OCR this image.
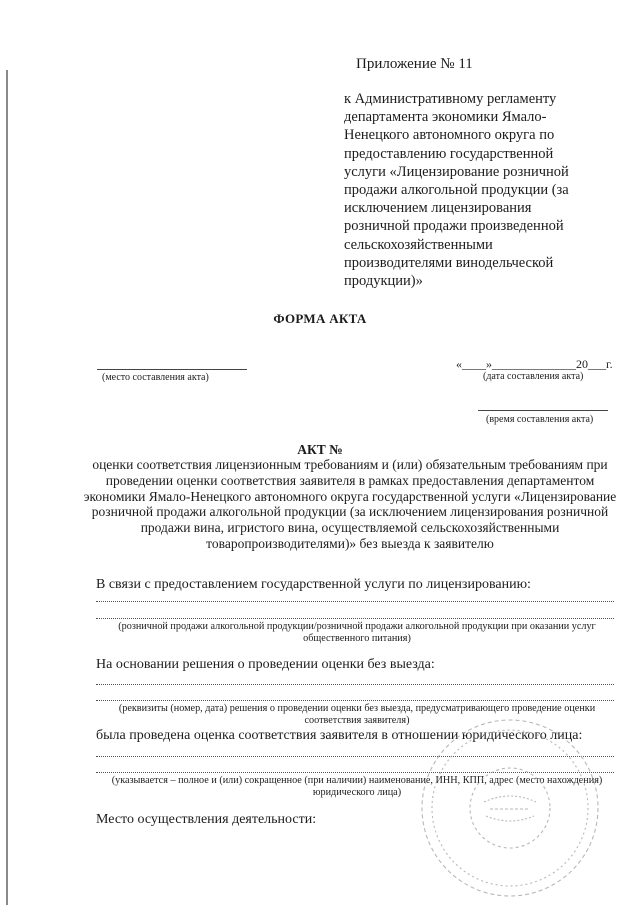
Приложение № 11
к Административному регламенту
департамента экономики Ямало-
Ненецкого автономного округа по
предоставлению государственной
услуги «Лицензирование розничной
продажи алкогольной продукции (за
исключением лицензирования
розничной продажи произведенной
сельскохозяйственными
производителями винодельческой
продукции)»
ФОРМА АКТА
(место составления акта)
«____»______________20___г.
(дата составления акта)
(время составления акта)
АКТ №
оценки соответствия лицензионным требованиям и (или) обязательным требованиям при
проведении оценки соответствия заявителя в рамках предоставления департаментом
экономики Ямало-Ненецкого автономного округа государственной услуги «Лицензирование
розничной продажи алкогольной продукции (за исключением лицензирования розничной
продажи вина, игристого вина, осуществляемой сельскохозяйственными
товаропроизводителями)» без выезда к заявителю
В связи с предоставлением государственной услуги по лицензированию:
(розничной продажи алкогольной продукции/розничной продажи алкогольной продукции при оказании услуг
общественного питания)
На основании решения о проведении оценки без выезда:
(реквизиты (номер, дата) решения о проведении оценки без выезда, предусматривающего проведение оценки
соответствия заявителя)
была проведена оценка соответствия заявителя в отношении юридического лица:
(указывается – полное и (или) сокращенное (при наличии) наименование, ИНН, КПП, адрес (место нахождения)
юридического лица)
Место осуществления деятельности:
